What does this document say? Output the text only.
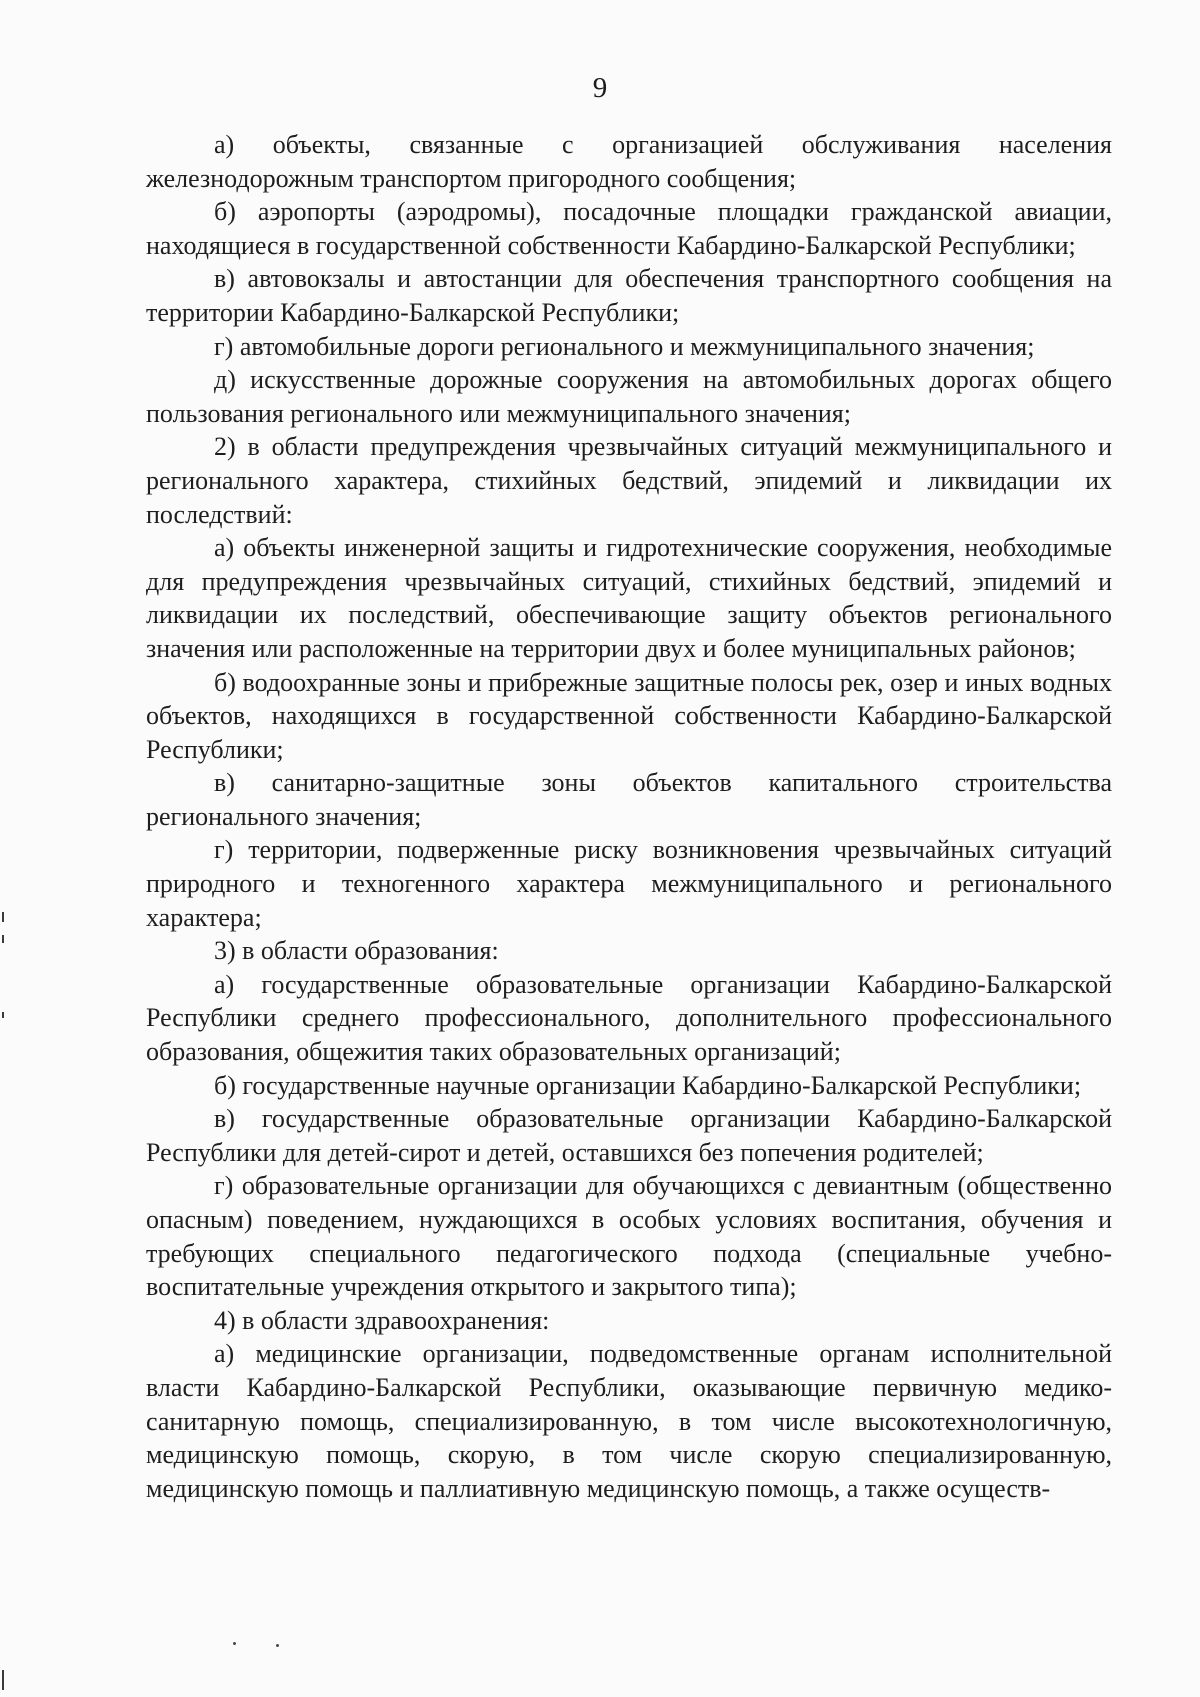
9

а) объекты, связанные с организацией обслуживания населения железнодорожным транспортом пригородного сообщения;

б) аэропорты (аэродромы), посадочные площадки гражданской авиации, находящиеся в государственной собственности Кабардино-Балкарской Республики;

в) автовокзалы и автостанции для обеспечения транспортного сообщения на территории Кабардино-Балкарской Республики;

г) автомобильные дороги регионального и межмуниципального значения;

д) искусственные дорожные сооружения на автомобильных дорогах общего пользования регионального или межмуниципального значения;

2) в области предупреждения чрезвычайных ситуаций межмуниципального и регионального характера, стихийных бедствий, эпидемий и ликвидации их последствий:

а) объекты инженерной защиты и гидротехнические сооружения, необходимые для предупреждения чрезвычайных ситуаций, стихийных бедствий, эпидемий и ликвидации их последствий, обеспечивающие защиту объектов регионального значения или расположенные на территории двух и более муниципальных районов;

б) водоохранные зоны и прибрежные защитные полосы рек, озер и иных водных объектов, находящихся в государственной собственности Кабардино-Балкарской Республики;

в) санитарно-защитные зоны объектов капитального строительства регионального значения;

г) территории, подверженные риску возникновения чрезвычайных ситуаций природного и техногенного характера межмуниципального и регионального характера;

3) в области образования:

а) государственные образовательные организации Кабардино-Балкарской Республики среднего профессионального, дополнительного профессионального образования, общежития таких образовательных организаций;

б) государственные научные организации Кабардино-Балкарской Республики;

в) государственные образовательные организации Кабардино-Балкарской Республики для детей-сирот и детей, оставшихся без попечения родителей;

г) образовательные организации для обучающихся с девиантным (общественно опасным) поведением, нуждающихся в особых условиях воспитания, обучения и требующих специального педагогического подхода (специальные учебно-воспитательные учреждения открытого и закрытого типа);

4) в области здравоохранения:

а) медицинские организации, подведомственные органам исполнительной власти Кабардино-Балкарской Республики, оказывающие первичную медико-санитарную помощь, специализированную, в том числе высокотехнологичную, медицинскую помощь, скорую, в том числе скорую специализированную, медицинскую помощь и паллиативную медицинскую помощь, а также осуществ-
